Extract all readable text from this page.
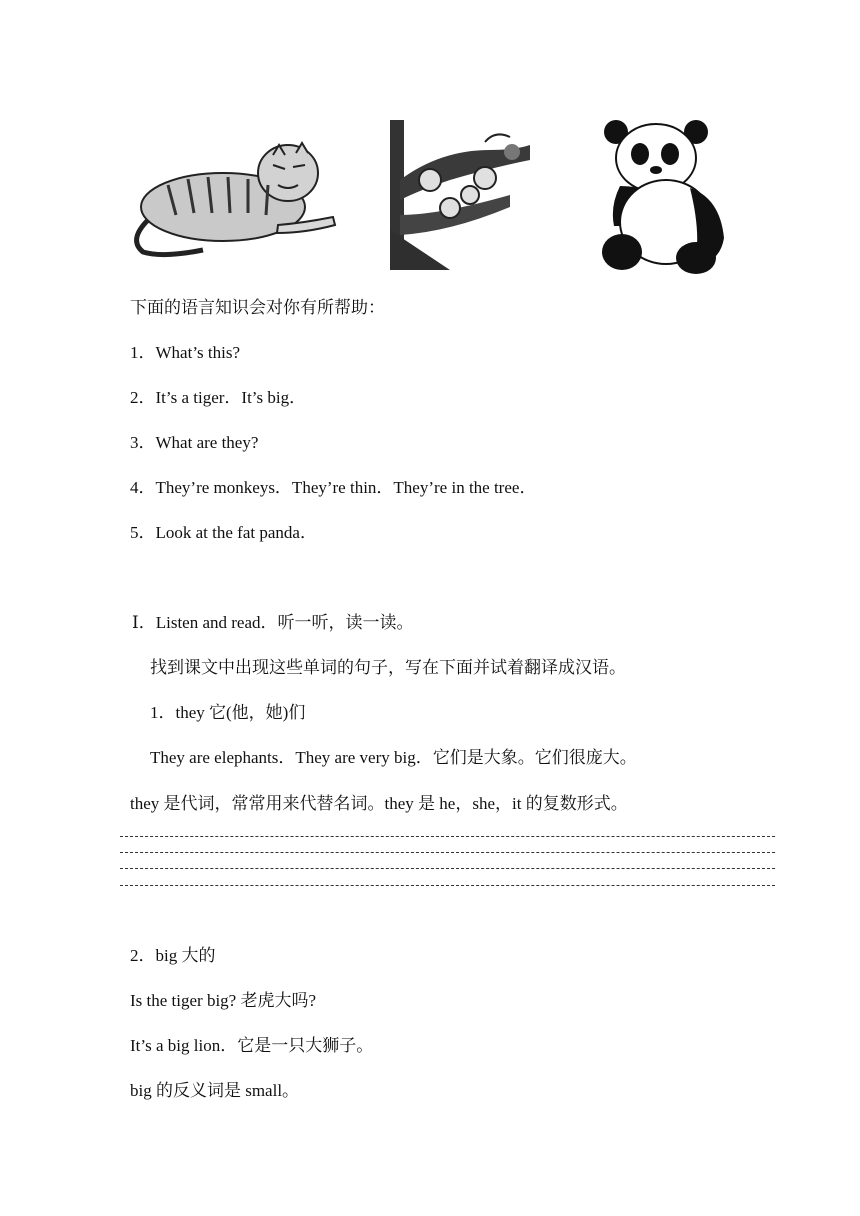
下面的语言知识会对你有所帮助：
1．What’s this?
2．It’s a tiger．It’s big．
3．What are they?
4．They’re monkeys．They’re thin．They’re in the tree．
5．Look at the fat panda．
Ⅰ．Listen and read．听一听，读一读。
找到课文中出现这些单词的句子，写在下面并试着翻译成汉语。
1．they 它(他，她)们
They are elephants．They are very big．它们是大象。它们很庞大。
they 是代词，常常用来代替名词。they 是 he，she，it 的复数形式。
2．big 大的
Is the tiger big? 老虎大吗?
It’s a big lion．它是一只大狮子。
big 的反义词是 small。
